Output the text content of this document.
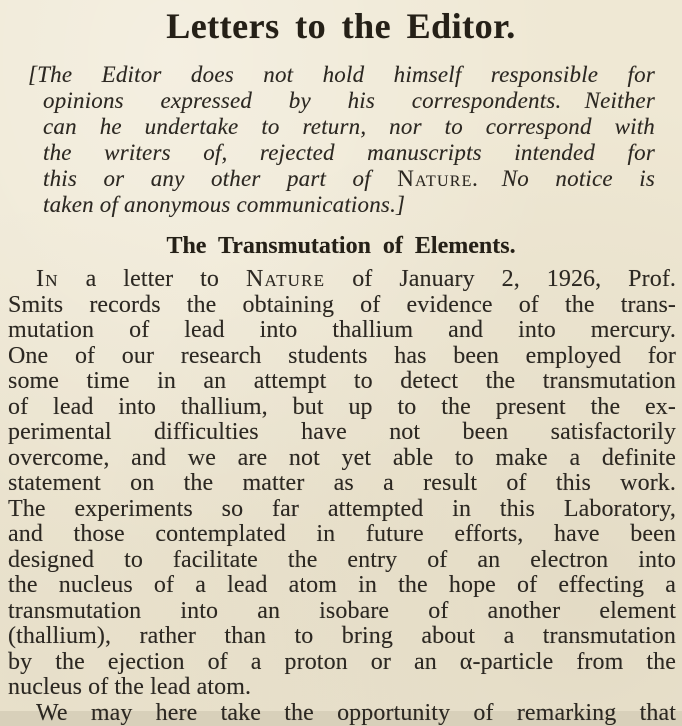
Letters to the Editor.
[The Editor does not hold himself responsible for
opinions expressed by his correspondents. Neither
can he undertake to return, nor to correspond with
the writers of, rejected manuscripts intended for
this or any other part of Nature. No notice is
taken of anonymous communications.]
The Transmutation of Elements.
In a letter to Nature of January 2, 1926, Prof.
Smits records the obtaining of evidence of the trans-
mutation of lead into thallium and into mercury.
One of our research students has been employed for
some time in an attempt to detect the transmutation
of lead into thallium, but up to the present the ex-
perimental difficulties have not been satisfactorily
overcome, and we are not yet able to make a definite
statement on the matter as a result of this work.
The experiments so far attempted in this Laboratory,
and those contemplated in future efforts, have been
designed to facilitate the entry of an electron into
the nucleus of a lead atom in the hope of effecting a
transmutation into an isobare of another element
(thallium), rather than to bring about a transmutation
by the ejection of a proton or an α-particle from the
nucleus of the lead atom.
We may here take the opportunity of remarking that
